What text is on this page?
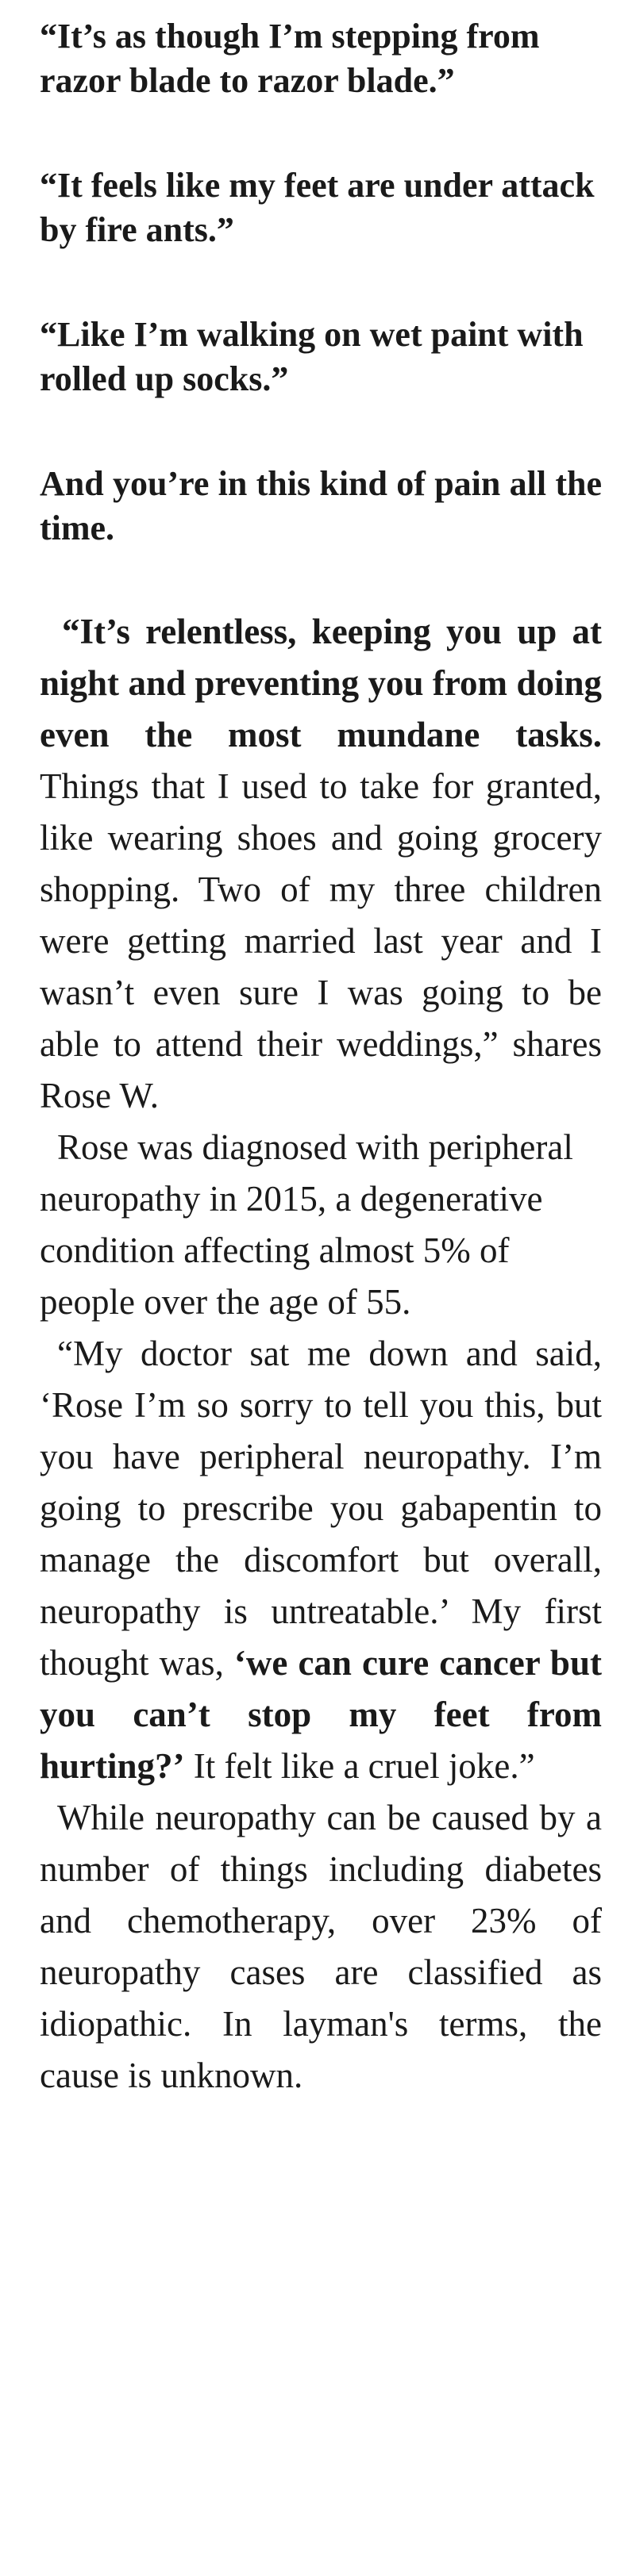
“It’s as though I’m stepping from razor blade to razor blade.”

“It feels like my feet are under attack by fire ants.”

“Like I’m walking on wet paint with rolled up socks.”

And you’re in this kind of pain all the time.

“It’s relentless, keeping you up at night and preventing you from doing even the most mundane tasks. Things that I used to take for granted, like wearing shoes and going grocery shopping. Two of my three children were getting married last year and I wasn’t even sure I was going to be able to attend their weddings,” shares Rose W.

Rose was diagnosed with peripheral neuropathy in 2015, a degenerative condition affecting almost 5% of people over the age of 55.

“My doctor sat me down and said, ‘Rose I’m so sorry to tell you this, but you have peripheral neuropathy. I’m going to prescribe you gabapentin to manage the discomfort but overall, neuropathy is untreatable.’ My first thought was, ‘we can cure cancer but you can’t stop my feet from hurting?’ It felt like a cruel joke.”

While neuropathy can be caused by a number of things including diabetes and chemotherapy, over 23% of neuropathy cases are classified as idiopathic. In layman's terms, the cause is unknown.
